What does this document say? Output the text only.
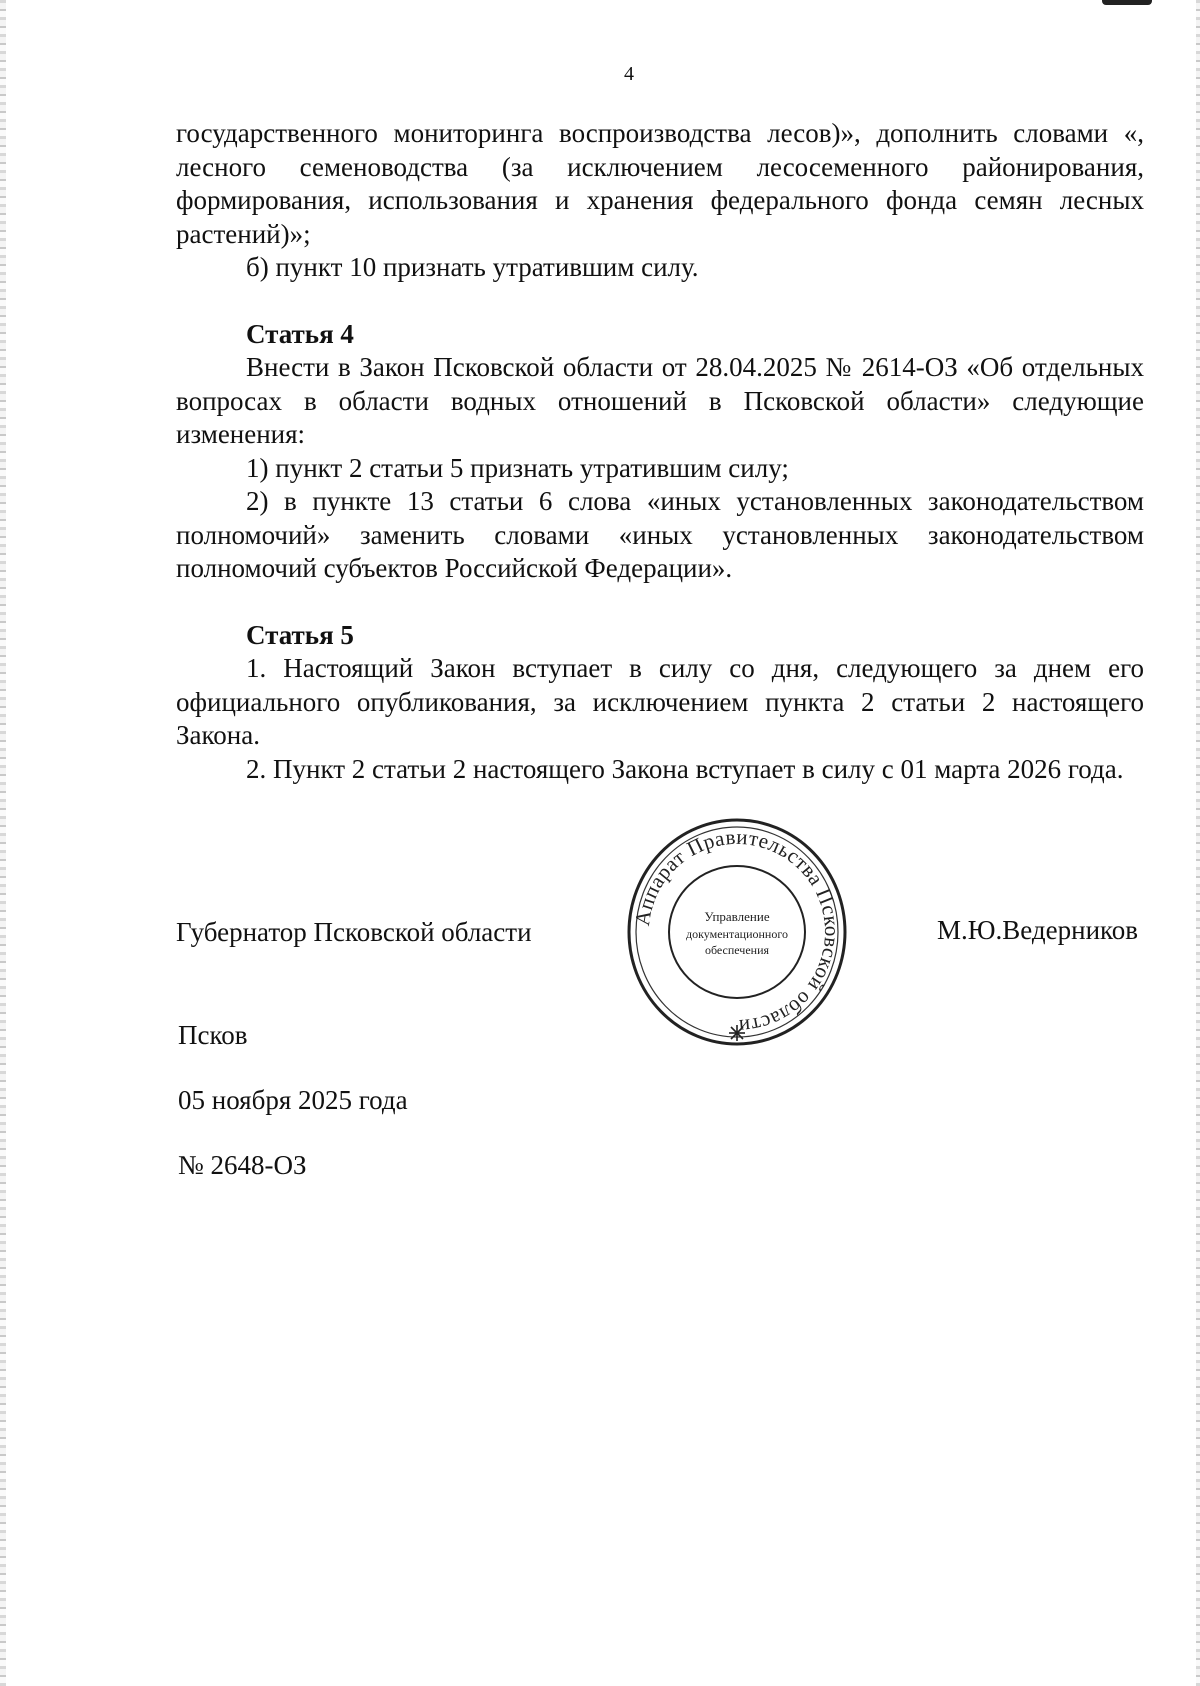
4

государственного мониторинга воспроизводства лесов)», дополнить словами «, лесного семеноводства (за исключением лесосеменного районирования, формирования, использования и хранения федерального фонда семян лесных растений)»;

б) пункт 10 признать утратившим силу.

Статья 4

Внести в Закон Псковской области от 28.04.2025 № 2614-ОЗ «Об отдельных вопросах в области водных отношений в Псковской области» следующие изменения:

1) пункт 2 статьи 5 признать утратившим силу;

2) в пункте 13 статьи 6 слова «иных установленных законодательством полномочий» заменить словами «иных установленных законодательством полномочий субъектов Российской Федерации».

Статья 5

1. Настоящий Закон вступает в силу со дня, следующего за днем его официального опубликования, за исключением пункта 2 статьи 2 настоящего Закона.

2. Пункт 2 статьи 2 настоящего Закона вступает в силу с 01 марта 2026 года.

Губернатор Псковской области	М.Ю.Ведерников
Псков
05 ноября 2025 года
№ 2648-ОЗ
Аппарат Правительства Псковской области
Управление
документационного
обеспечения
